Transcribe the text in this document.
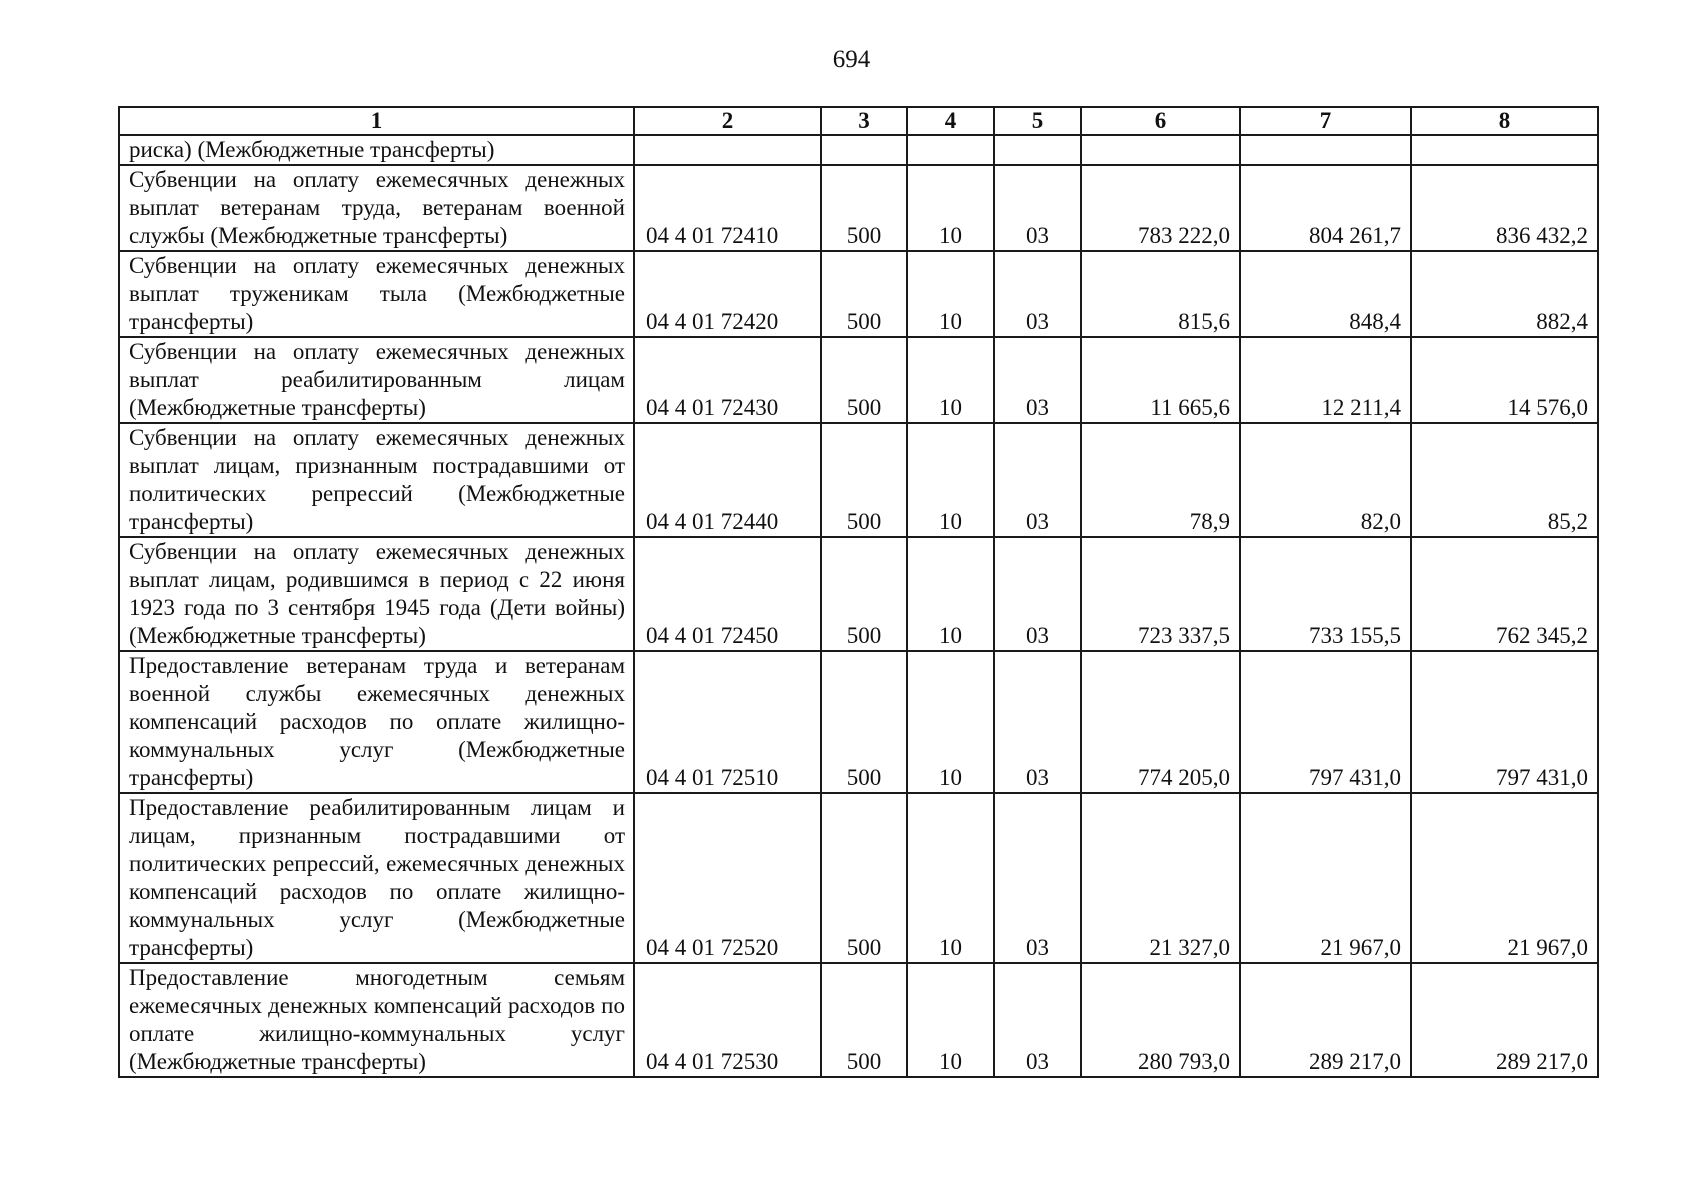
694
1	2	3	4	5	6	7	8
риска) (Межбюджетные трансферты)							
Субвенции на оплату ежемесячных денежных выплат ветеранам труда, ветеранам военной службы (Межбюджетные трансферты)	04 4 01 72410	500	10	03	783 222,0	804 261,7	836 432,2
Субвенции на оплату ежемесячных денежных выплат труженикам тыла (Межбюджетные трансферты)	04 4 01 72420	500	10	03	815,6	848,4	882,4
Субвенции на оплату ежемесячных денежных выплат реабилитированным лицам (Межбюджетные трансферты)	04 4 01 72430	500	10	03	11 665,6	12 211,4	14 576,0
Субвенции на оплату ежемесячных денежных выплат лицам, признанным пострадавшими от политических репрессий (Межбюджетные трансферты)	04 4 01 72440	500	10	03	78,9	82,0	85,2
Субвенции на оплату ежемесячных денежных выплат лицам, родившимся в период с 22 июня 1923 года по 3 сентября 1945 года (Дети войны) (Межбюджетные трансферты)	04 4 01 72450	500	10	03	723 337,5	733 155,5	762 345,2
Предоставление ветеранам труда и ветеранам военной службы ежемесячных денежных компенсаций расходов по оплате жилищно-коммунальных услуг (Межбюджетные трансферты)	04 4 01 72510	500	10	03	774 205,0	797 431,0	797 431,0
Предоставление реабилитированным лицам и лицам, признанным пострадавшими от политических репрессий, ежемесячных денежных компенсаций расходов по оплате жилищно-коммунальных услуг (Межбюджетные трансферты)	04 4 01 72520	500	10	03	21 327,0	21 967,0	21 967,0
Предоставление многодетным семьям ежемесячных денежных компенсаций расходов по оплате жилищно-коммунальных услуг (Межбюджетные трансферты)	04 4 01 72530	500	10	03	280 793,0	289 217,0	289 217,0
